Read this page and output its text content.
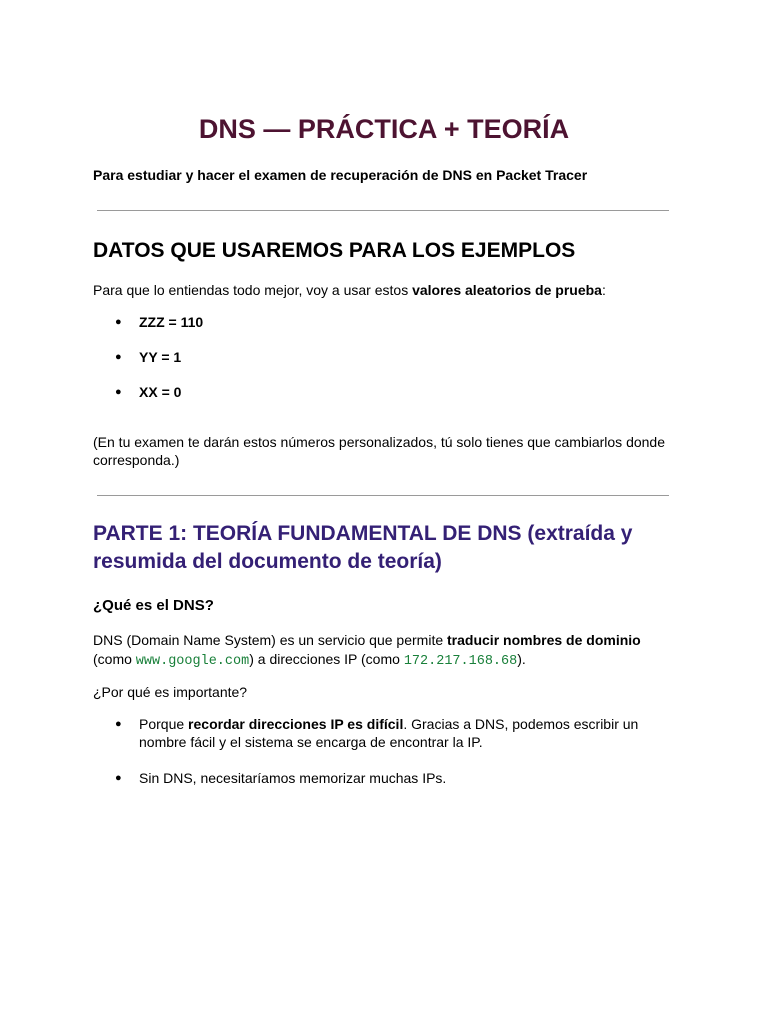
DNS — PRÁCTICA + TEORÍA

Para estudiar y hacer el examen de recuperación de DNS en Packet Tracer

DATOS QUE USAREMOS PARA LOS EJEMPLOS

Para que lo entiendas todo mejor, voy a usar estos valores aleatorios de prueba:

● ZZZ = 110
● YY = 1
● XX = 0

(En tu examen te darán estos números personalizados, tú solo tienes que cambiarlos donde corresponda.)

PARTE 1: TEORÍA FUNDAMENTAL DE DNS (extraída y resumida del documento de teoría)
¿Qué es el DNS?

DNS (Domain Name System) es un servicio que permite traducir nombres de dominio
(como www.google.com) a direcciones IP (como 172.217.168.68).

¿Por qué es importante?

● Porque recordar direcciones IP es difícil. Gracias a DNS, podemos escribir un nombre fácil y el sistema se encarga de encontrar la IP.
● Sin DNS, necesitaríamos memorizar muchas IPs.
